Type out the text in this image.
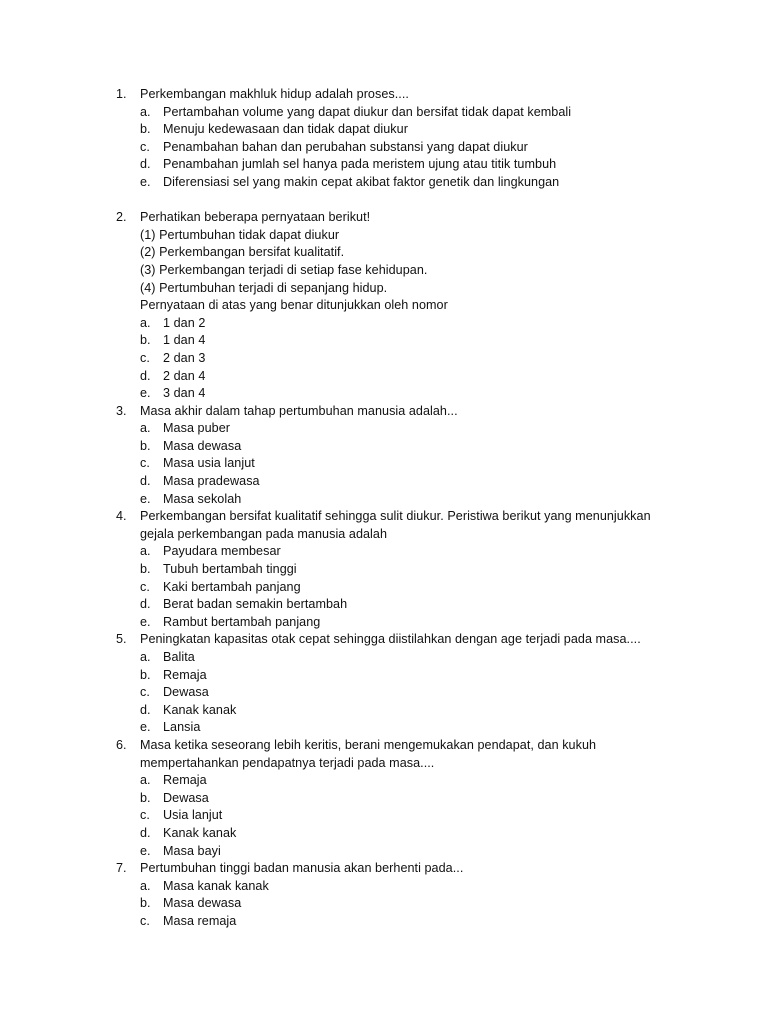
1. Perkembangan makhluk hidup adalah proses....
a. Pertambahan volume yang dapat diukur dan bersifat tidak dapat kembali
b. Menuju kedewasaan dan tidak dapat diukur
c. Penambahan bahan dan perubahan substansi yang dapat diukur
d. Penambahan jumlah sel hanya pada meristem ujung atau titik tumbuh
e. Diferensiasi sel yang makin cepat akibat faktor genetik dan lingkungan
2. Perhatikan beberapa pernyataan berikut!
(1) Pertumbuhan tidak dapat diukur
(2) Perkembangan bersifat kualitatif.
(3) Perkembangan terjadi di setiap fase kehidupan.
(4) Pertumbuhan terjadi di sepanjang hidup.
Pernyataan di atas yang benar ditunjukkan oleh nomor
a. 1 dan 2
b. 1 dan 4
c. 2 dan 3
d. 2 dan 4
e. 3 dan 4
3. Masa akhir dalam tahap pertumbuhan manusia adalah...
a. Masa puber
b. Masa dewasa
c. Masa usia lanjut
d. Masa pradewasa
e. Masa sekolah
4. Perkembangan bersifat kualitatif sehingga sulit diukur. Peristiwa berikut yang menunjukkan
gejala perkembangan pada manusia adalah
a. Payudara membesar
b. Tubuh bertambah tinggi
c. Kaki bertambah panjang
d. Berat badan semakin bertambah
e. Rambut bertambah panjang
5. Peningkatan kapasitas otak cepat sehingga diistilahkan dengan age terjadi pada masa....
a. Balita
b. Remaja
c. Dewasa
d. Kanak kanak
e. Lansia
6. Masa ketika seseorang lebih keritis, berani mengemukakan pendapat, dan kukuh
mempertahankan pendapatnya terjadi pada masa....
a. Remaja
b. Dewasa
c. Usia lanjut
d. Kanak kanak
e. Masa bayi
7. Pertumbuhan tinggi badan manusia akan berhenti pada...
a. Masa kanak kanak
b. Masa dewasa
c. Masa remaja
